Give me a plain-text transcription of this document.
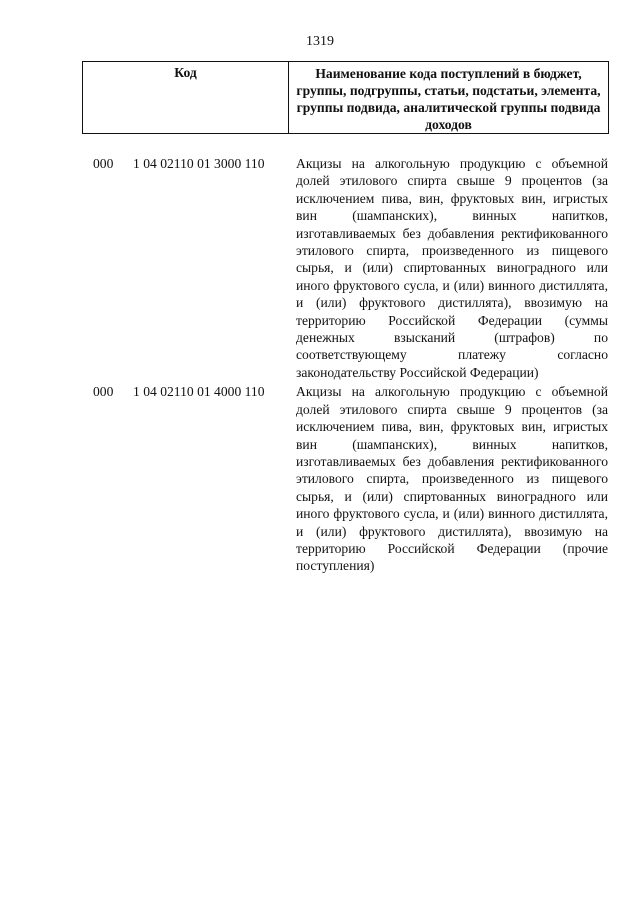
1319
Код	Наименование кода поступлений в бюджет, группы, подгруппы, статьи, подстатьи, элемента, группы подвида, аналитической группы подвида доходов
000	1 04 02110 01 3000 110	Акцизы на алкогольную продукцию с объемной долей этилового спирта свыше 9 процентов (за исключением пива, вин, фруктовых вин, игристых вин (шампанских), винных напитков, изготавливаемых без добавления ректификованного этилового спирта, произведенного из пищевого сырья, и (или) спиртованных виноградного или иного фруктового сусла, и (или) винного дистиллята, и (или) фруктового дистиллята), ввозимую на территорию Российской Федерации (суммы денежных взысканий (штрафов) по соответствующему платежу согласно законодательству Российской Федерации)
000	1 04 02110 01 4000 110	Акцизы на алкогольную продукцию с объемной долей этилового спирта свыше 9 процентов (за исключением пива, вин, фруктовых вин, игристых вин (шампанских), винных напитков, изготавливаемых без добавления ректификованного этилового спирта, произведенного из пищевого сырья, и (или) спиртованных виноградного или иного фруктового сусла, и (или) винного дистиллята, и (или) фруктового дистиллята), ввозимую на территорию Российской Федерации (прочие поступления)
